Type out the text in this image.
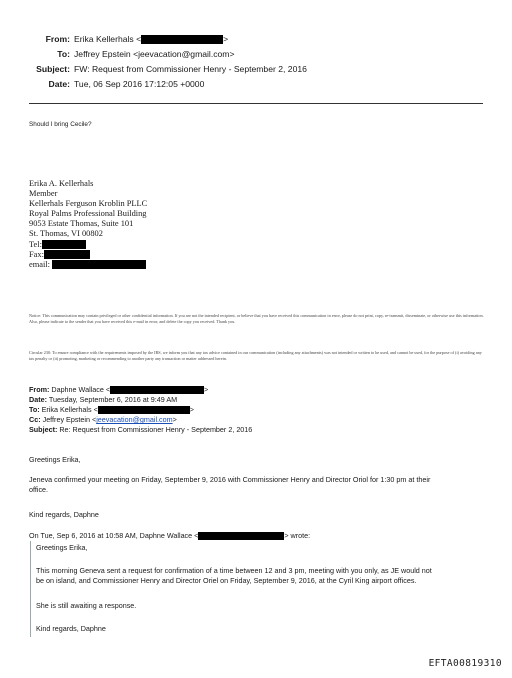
From: Erika Kellerhals <	>
To: Jeffrey Epstein <jeevacation@gmail.com>
Subject: FW: Request from Commissioner Henry - September 2, 2016
Date: Tue, 06 Sep 2016 17:12:05 +0000
Should I bring Cecile?
Erika A. Kellerhals
Member
Kellerhals Ferguson Kroblin PLLC
Royal Palms Professional Building
9053 Estate Thomas, Suite 101
St. Thomas, VI 00802
Tel:
Fax:
email:
Notice: This communication may contain privileged or other confidential information. If you are not the intended recipient, or believe that you have received this communication in error, please do not print, copy, re-transmit, disseminate, or otherwise use this information. Also, please indicate to the sender that you have received this e-mail in error, and delete the copy you received. Thank you.
Circular 230: To ensure compliance with the requirements imposed by the IRS, we inform you that any tax advice contained in our communication (including any attachments) was not intended or written to be used, and cannot be used, for the purpose of (i) avoiding any tax penalty or (ii) promoting, marketing or recommending to another party any transaction or matter addressed herein.
From: Daphne Wallace <	>
Date: Tuesday, September 6, 2016 at 9:49 AM
To: Erika Kellerhals <	>
Cc: Jeffrey Epstein <jeevacation@gmail.com>
Subject: Re: Request from Commissioner Henry - September 2, 2016
Greetings Erika,
Jeneva confirmed your meeting on Friday, September 9, 2016 with Commissioner Henry and Director Oriol for 1:30 pm at their
office.
Kind regards, Daphne
On Tue, Sep 6, 2016 at 10:58 AM, Daphne Wallace <	> wrote:
Greetings Erika,
This morning Geneva sent a request for confirmation of a time between 12 and 3 pm, meeting with you only, as JE would not
be on island, and Commissioner Henry and Director Oriel on Friday, September 9, 2016, at the Cyril King airport offices.
She is still awaiting a response.
Kind regards, Daphne
EFTA00819310
